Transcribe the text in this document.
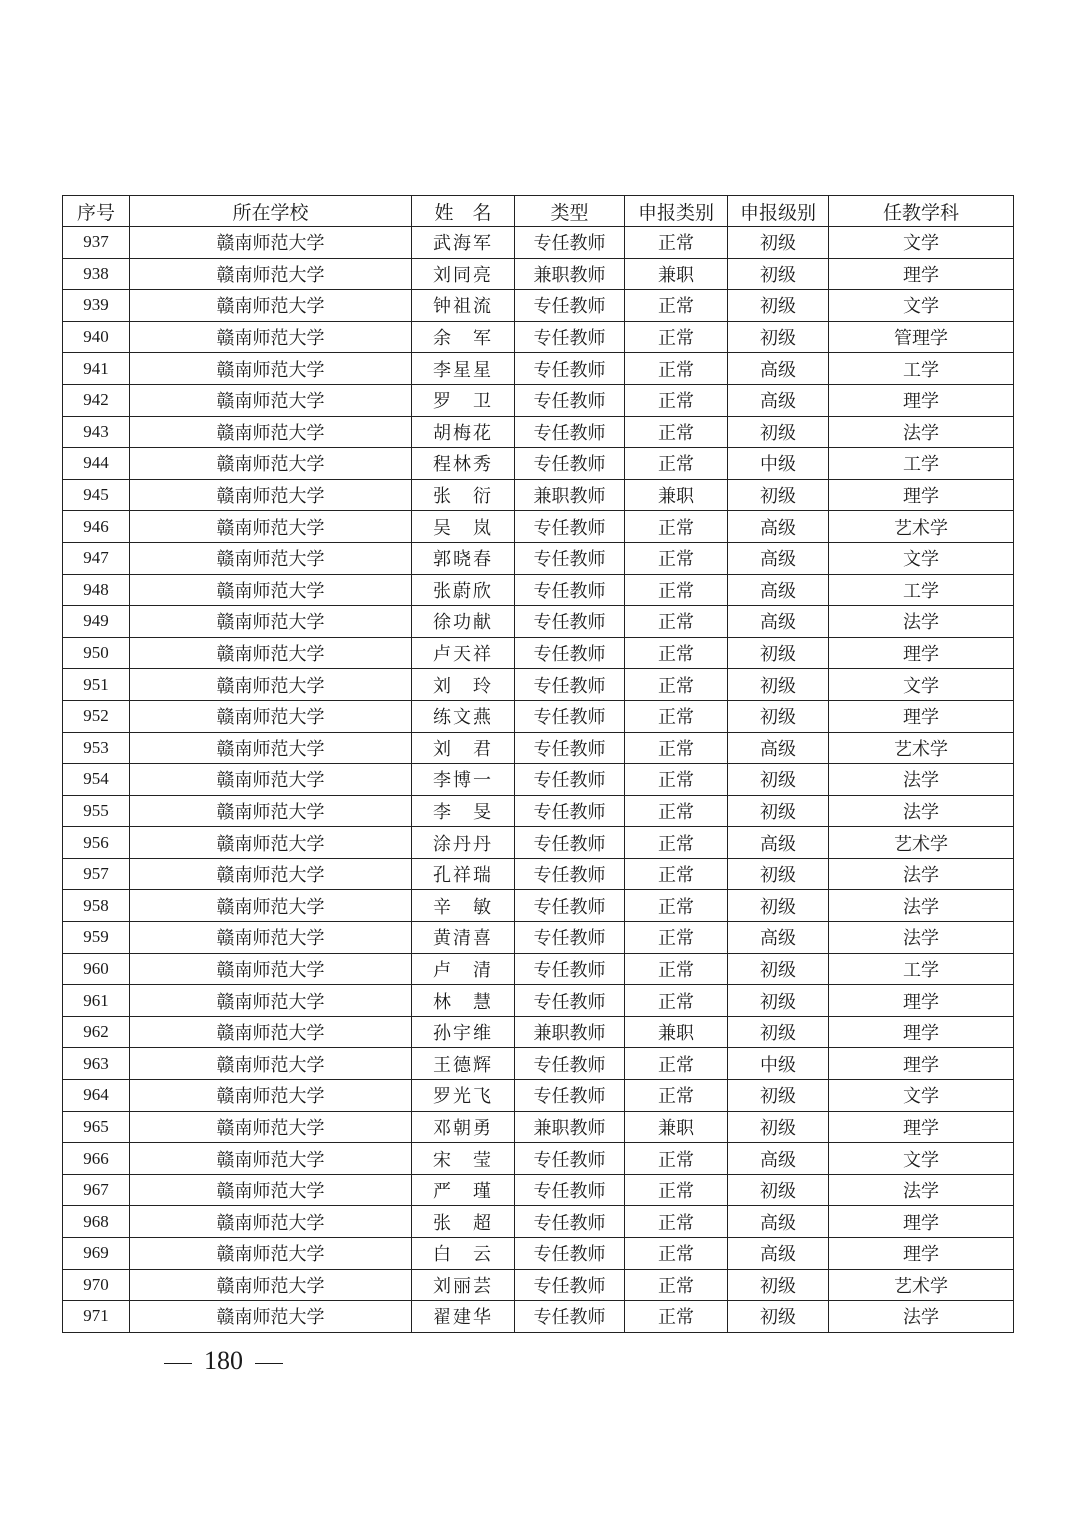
序号	所在学校	姓　名	类型	申报类别	申报级别	任教学科
937	赣南师范大学	武海军	专任教师	正常	初级	文学
938	赣南师范大学	刘同亮	兼职教师	兼职	初级	理学
939	赣南师范大学	钟祖流	专任教师	正常	初级	文学
940	赣南师范大学	余　军	专任教师	正常	初级	管理学
941	赣南师范大学	李星星	专任教师	正常	高级	工学
942	赣南师范大学	罗　卫	专任教师	正常	高级	理学
943	赣南师范大学	胡梅花	专任教师	正常	初级	法学
944	赣南师范大学	程林秀	专任教师	正常	中级	工学
945	赣南师范大学	张　衍	兼职教师	兼职	初级	理学
946	赣南师范大学	吴　岚	专任教师	正常	高级	艺术学
947	赣南师范大学	郭晓春	专任教师	正常	高级	文学
948	赣南师范大学	张蔚欣	专任教师	正常	高级	工学
949	赣南师范大学	徐功献	专任教师	正常	高级	法学
950	赣南师范大学	卢天祥	专任教师	正常	初级	理学
951	赣南师范大学	刘　玲	专任教师	正常	初级	文学
952	赣南师范大学	练文燕	专任教师	正常	初级	理学
953	赣南师范大学	刘　君	专任教师	正常	高级	艺术学
954	赣南师范大学	李博一	专任教师	正常	初级	法学
955	赣南师范大学	李　旻	专任教师	正常	初级	法学
956	赣南师范大学	涂丹丹	专任教师	正常	高级	艺术学
957	赣南师范大学	孔祥瑞	专任教师	正常	初级	法学
958	赣南师范大学	辛　敏	专任教师	正常	初级	法学
959	赣南师范大学	黄清喜	专任教师	正常	高级	法学
960	赣南师范大学	卢　清	专任教师	正常	初级	工学
961	赣南师范大学	林　慧	专任教师	正常	初级	理学
962	赣南师范大学	孙宇维	兼职教师	兼职	初级	理学
963	赣南师范大学	王德辉	专任教师	正常	中级	理学
964	赣南师范大学	罗光飞	专任教师	正常	初级	文学
965	赣南师范大学	邓朝勇	兼职教师	兼职	初级	理学
966	赣南师范大学	宋　莹	专任教师	正常	高级	文学
967	赣南师范大学	严　瑾	专任教师	正常	初级	法学
968	赣南师范大学	张　超	专任教师	正常	高级	理学
969	赣南师范大学	白　云	专任教师	正常	高级	理学
970	赣南师范大学	刘丽芸	专任教师	正常	初级	艺术学
971	赣南师范大学	翟建华	专任教师	正常	初级	法学
180
